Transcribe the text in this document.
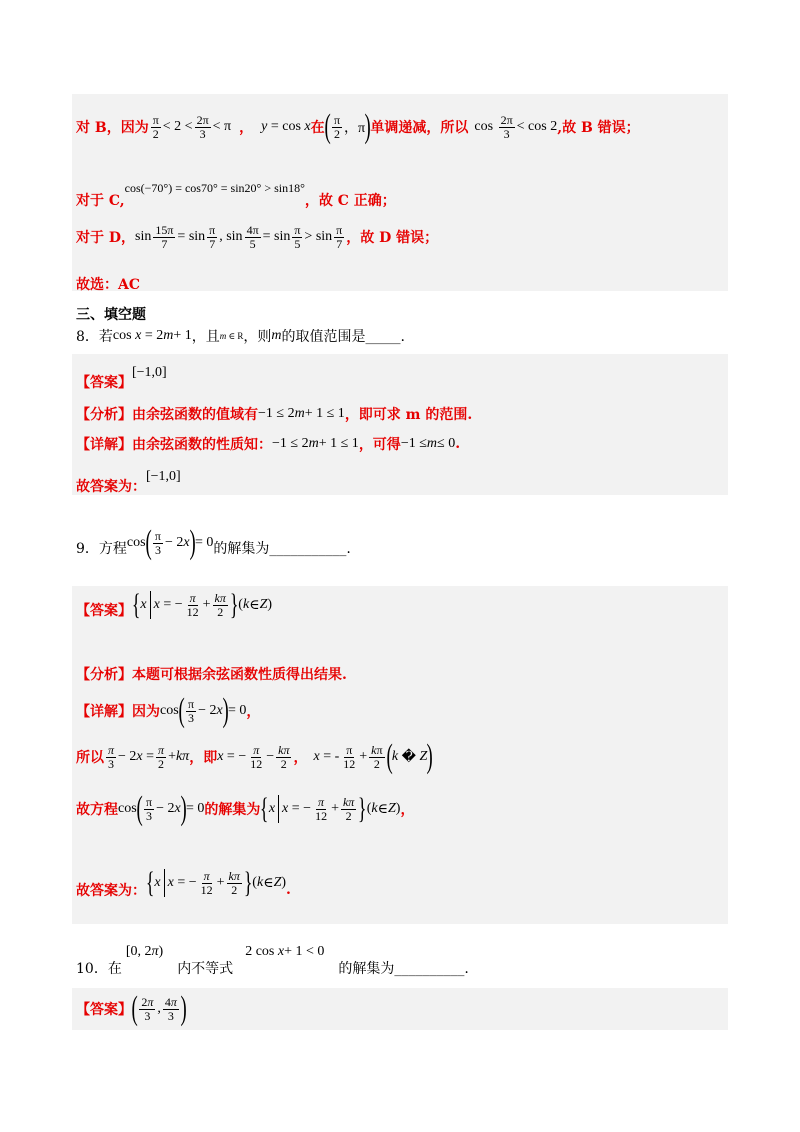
对 B，因为
π
2 < 2 < 2π
3 < π ， y = cos x 在 ( π
2 ，π ) 单调递减，所以 cos 2π
3 < cos 2 ,故 B 错误；
对于 C,
cos(−70°) = cos70° = sin20° > sin18°
，故 C 正确；
对于 D， sin 15π
7 = sin π
7 , sin 4π
5 = sin π
5 > sin π
7 ，故 D 错误；
故选：AC
三、填空题
8．若 cos x = 2 m + 1 ，且 m ∈ R ，则 m 的取值范围是_____.
【答案】
[−1,0]
【分析】 由余弦函数的值域有 −1 ≤ 2 m + 1 ≤ 1 ，即可求 m 的范围.
【详解】 由余弦函数的性质知： −1 ≤ 2 m + 1 ≤ 1 ，可得 −1 ≤ m ≤ 0 .
故答案为：
[−1,0]
9．方程 cos ( π
3 − 2 x ) = 0 的解集为___________.
【答案】 { x x = − π
12 + kπ
2 } ( k ∈ Z )
【分析】 本题可根据余弦函数性质得出结果.
【详解】 因为 cos ( π
3 − 2 x ) = 0 ，
所以
π
3 − 2 x = π
2 + kπ ，即 x = − π
12 − kπ
2 ， x = - π
12 + kπ
2 ( k � Z )
故方程 cos ( π
3 − 2 x ) = 0 的解集为 { x x = − π
12 + kπ
2 } ( k ∈ Z ) ，
故答案为： { x x = − π
12 + kπ
2 } ( k ∈ Z ) .
10．在
[0, 2 π )
内不等式
2 cos x + 1 < 0
的解集为__________.
【答案】 ( 2π
3 , 4π
3 )
